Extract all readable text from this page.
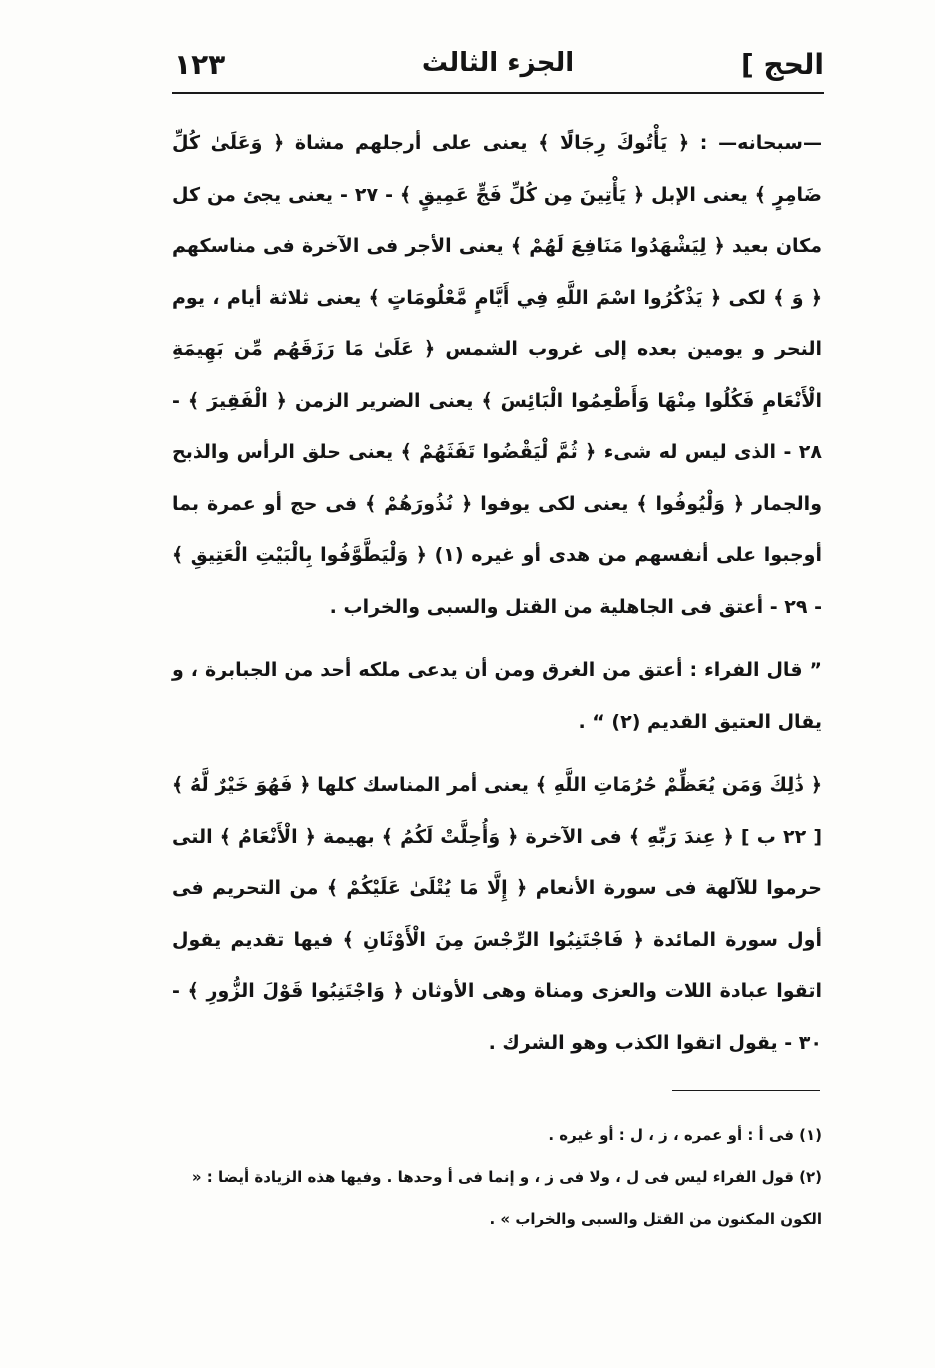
الحج ]
الجزء الثالث
١٢٣

—سبحانه— : ﴿ يَأْتُوكَ رِجَالًا ﴾ يعنى على أرجلهم مشاة ﴿ وَعَلَىٰ كُلِّ ضَامِرٍ ﴾ يعنى الإبل ﴿ يَأْتِينَ مِن كُلِّ فَجٍّ عَمِيقٍ ﴾ - ٢٧ - يعنى يجئ من كل مكان بعيد ﴿ لِيَشْهَدُوا مَنَافِعَ لَهُمْ ﴾ يعنى الأجر فى الآخرة فى مناسكهم ﴿ وَ ﴾ لكى ﴿ يَذْكُرُوا اسْمَ اللَّهِ فِي أَيَّامٍ مَّعْلُومَاتٍ ﴾ يعنى ثلاثة أيام ، يوم النحر و يومين بعده إلى غروب الشمس ﴿ عَلَىٰ مَا رَزَقَهُم مِّن بَهِيمَةِ الْأَنْعَامِ فَكُلُوا مِنْهَا وَأَطْعِمُوا الْبَائِسَ ﴾ يعنى الضرير الزمن ﴿ الْفَقِيرَ ﴾ - ٢٨ - الذى ليس له شىء ﴿ ثُمَّ لْيَقْضُوا تَفَثَهُمْ ﴾ يعنى حلق الرأس والذبح والجمار ﴿ وَلْيُوفُوا ﴾ يعنى لكى يوفوا ﴿ نُذُورَهُمْ ﴾ فى حج أو عمرة بما أوجبوا على أنفسهم من هدى أو غيره (١) ﴿ وَلْيَطَّوَّفُوا بِالْبَيْتِ الْعَتِيقِ ﴾ - ٢٩ - أعتق فى الجاهلية من القتل والسبى والخراب .

” قال الفراء : أعتق من الغرق ومن أن يدعى ملكه أحد من الجبابرة ، و يقال العتيق القديم (٢) “ .

﴿ ذَٰلِكَ وَمَن يُعَظِّمْ حُرُمَاتِ اللَّهِ ﴾ يعنى أمر المناسك كلها ﴿ فَهُوَ خَيْرٌ لَّهُ ﴾ [ ٢٢ ب ] ﴿ عِندَ رَبِّهِ ﴾ فى الآخرة ﴿ وَأُحِلَّتْ لَكُمُ ﴾ بهيمة ﴿ الْأَنْعَامُ ﴾ التى حرموا للآلهة فى سورة الأنعام ﴿ إِلَّا مَا يُتْلَىٰ عَلَيْكُمْ ﴾ من التحريم فى أول سورة المائدة ﴿ فَاجْتَنِبُوا الرِّجْسَ مِنَ الْأَوْثَانِ ﴾ فيها تقديم يقول اتقوا عبادة اللات والعزى ومناة وهى الأوثان ﴿ وَاجْتَنِبُوا قَوْلَ الزُّورِ ﴾ - ٣٠ - يقول اتقوا الكذب وهو الشرك .

(١) فى أ : أو عمره ، ز ، ل : أو غيره .

(٢) قول الفراء ليس فى ل ، ولا فى ز ، و إنما فى أ وحدها . وفيها هذه الزيادة أيضا : « الكون المكنون من القتل والسبى والخراب » .
